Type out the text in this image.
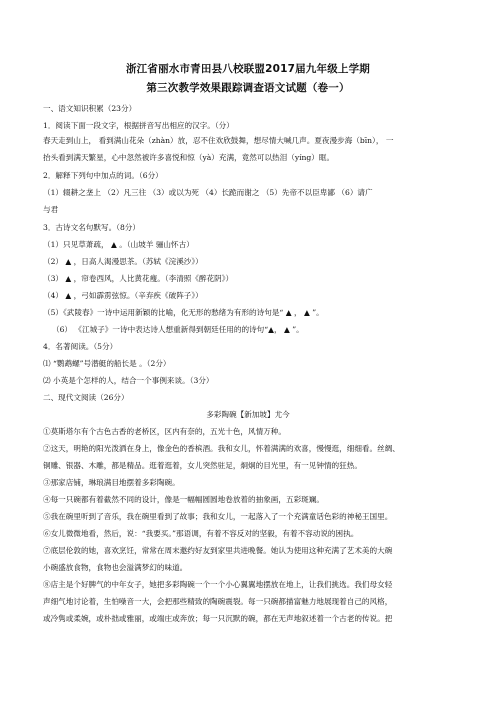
浙江省丽水市青田县八校联盟2017届九年级上学期
第三次教学效果跟踪调查语文试题（卷一）
一、语文知识积累（23分）
1．阅读下面一段文字，根据拼音写出相应的汉字。（分）
春天走到山上， 看到满山花朵（zhàn）放，忍不住欢欣鼓舞，想尽情大喊几声。夏夜漫步海（bīn）， 一
抬头看到满天繁星，心中忽然被许多喜悦和惊（yà）充满，竟然可以热泪（yíng）眶。
2．解释下列句中加点的词。（6分）
（1）辍耕之垄上 （2）凡三往 （3）或以为死 （4）长跪而谢之 （5）先帝不以臣卑鄙 （6）请广
与君
3．古诗文名句默写。（8分）
（1）只见草萧疏， ▲ 。（山坡羊 骊山怀古）
（2） ▲ ，日高人渴漫思茶。（苏轼《浣溪沙》）
（3） ▲ ，帘卷西风，人比黄花瘦。（李清照《醉花阴》）
（4） ▲ ，弓如霹雳弦惊。（辛弃疾《破阵子》）
（5）《武陵春》一诗中运用新颖的比喻，化无形的愁绪为有形的诗句是“ ▲ ， ▲ ”。
（6） 《江城子》一诗中表达诗人想重新得到朝廷任用的的诗句“▲， ▲ ”。
4．名著阅读。（5分）
⑴ “鹦鹉螺”号潜艇的船长是 。（2分）
⑵ 小英是个怎样的人，结合一个事例来谈。（3分）
二、现代文阅读（26分）
多彩陶碗【新加坡】尤今
①莫斯塔尔有个古色古香的老桥区，区内有奈的，五光十色，风情万种。
②这天，明艳的阳光泼洒在身上，像金色的香槟酒。我和女儿，怀着满满的欢喜，慢慢逛，细细看。丝绸、
铜雕、银器、木雕，都是精品。逛着逛着，女儿突然驻足，炯炯的目光里，有一见钟情的狂热。
③那家店铺，琳琅满目地摆着多彩陶碗。
④每一只碗都有着截然不同的设计，像是一幅幅圆圆地卷放着的抽象画，五彩斑斓。
⑤我在碗里听到了音乐，我在碗里看到了故事；我和女儿，一起落入了一个充满童话色彩的神秘王国里。
⑥女儿微微地看，然后，说：“我要买。”那语调，有着不容反对的坚毅，有着不容动说的困执。
⑦底层伦敦的她，喜欢烹饪，常常在周末邀约好友到家里共进晚餐。她认为使用这种充满了艺术美的大碗
小碗盛放食物，食物也会溢满梦幻的味道。
⑧店主是个好脾气的中年女子，她把多彩陶碗一个一个小心翼翼地摆放在地上，让我们挑选。我们母女轻
声细气地讨论着，生怕噪音一大，会把那些精致的陶碗震裂。每一只碗都描富魅力地展现着自己的风格，
或冷隽或柔婉，或朴拙或雅丽，或端庄或奔放；每一只沉默的碗，都在无声地叙述着一个古老的传说。把
